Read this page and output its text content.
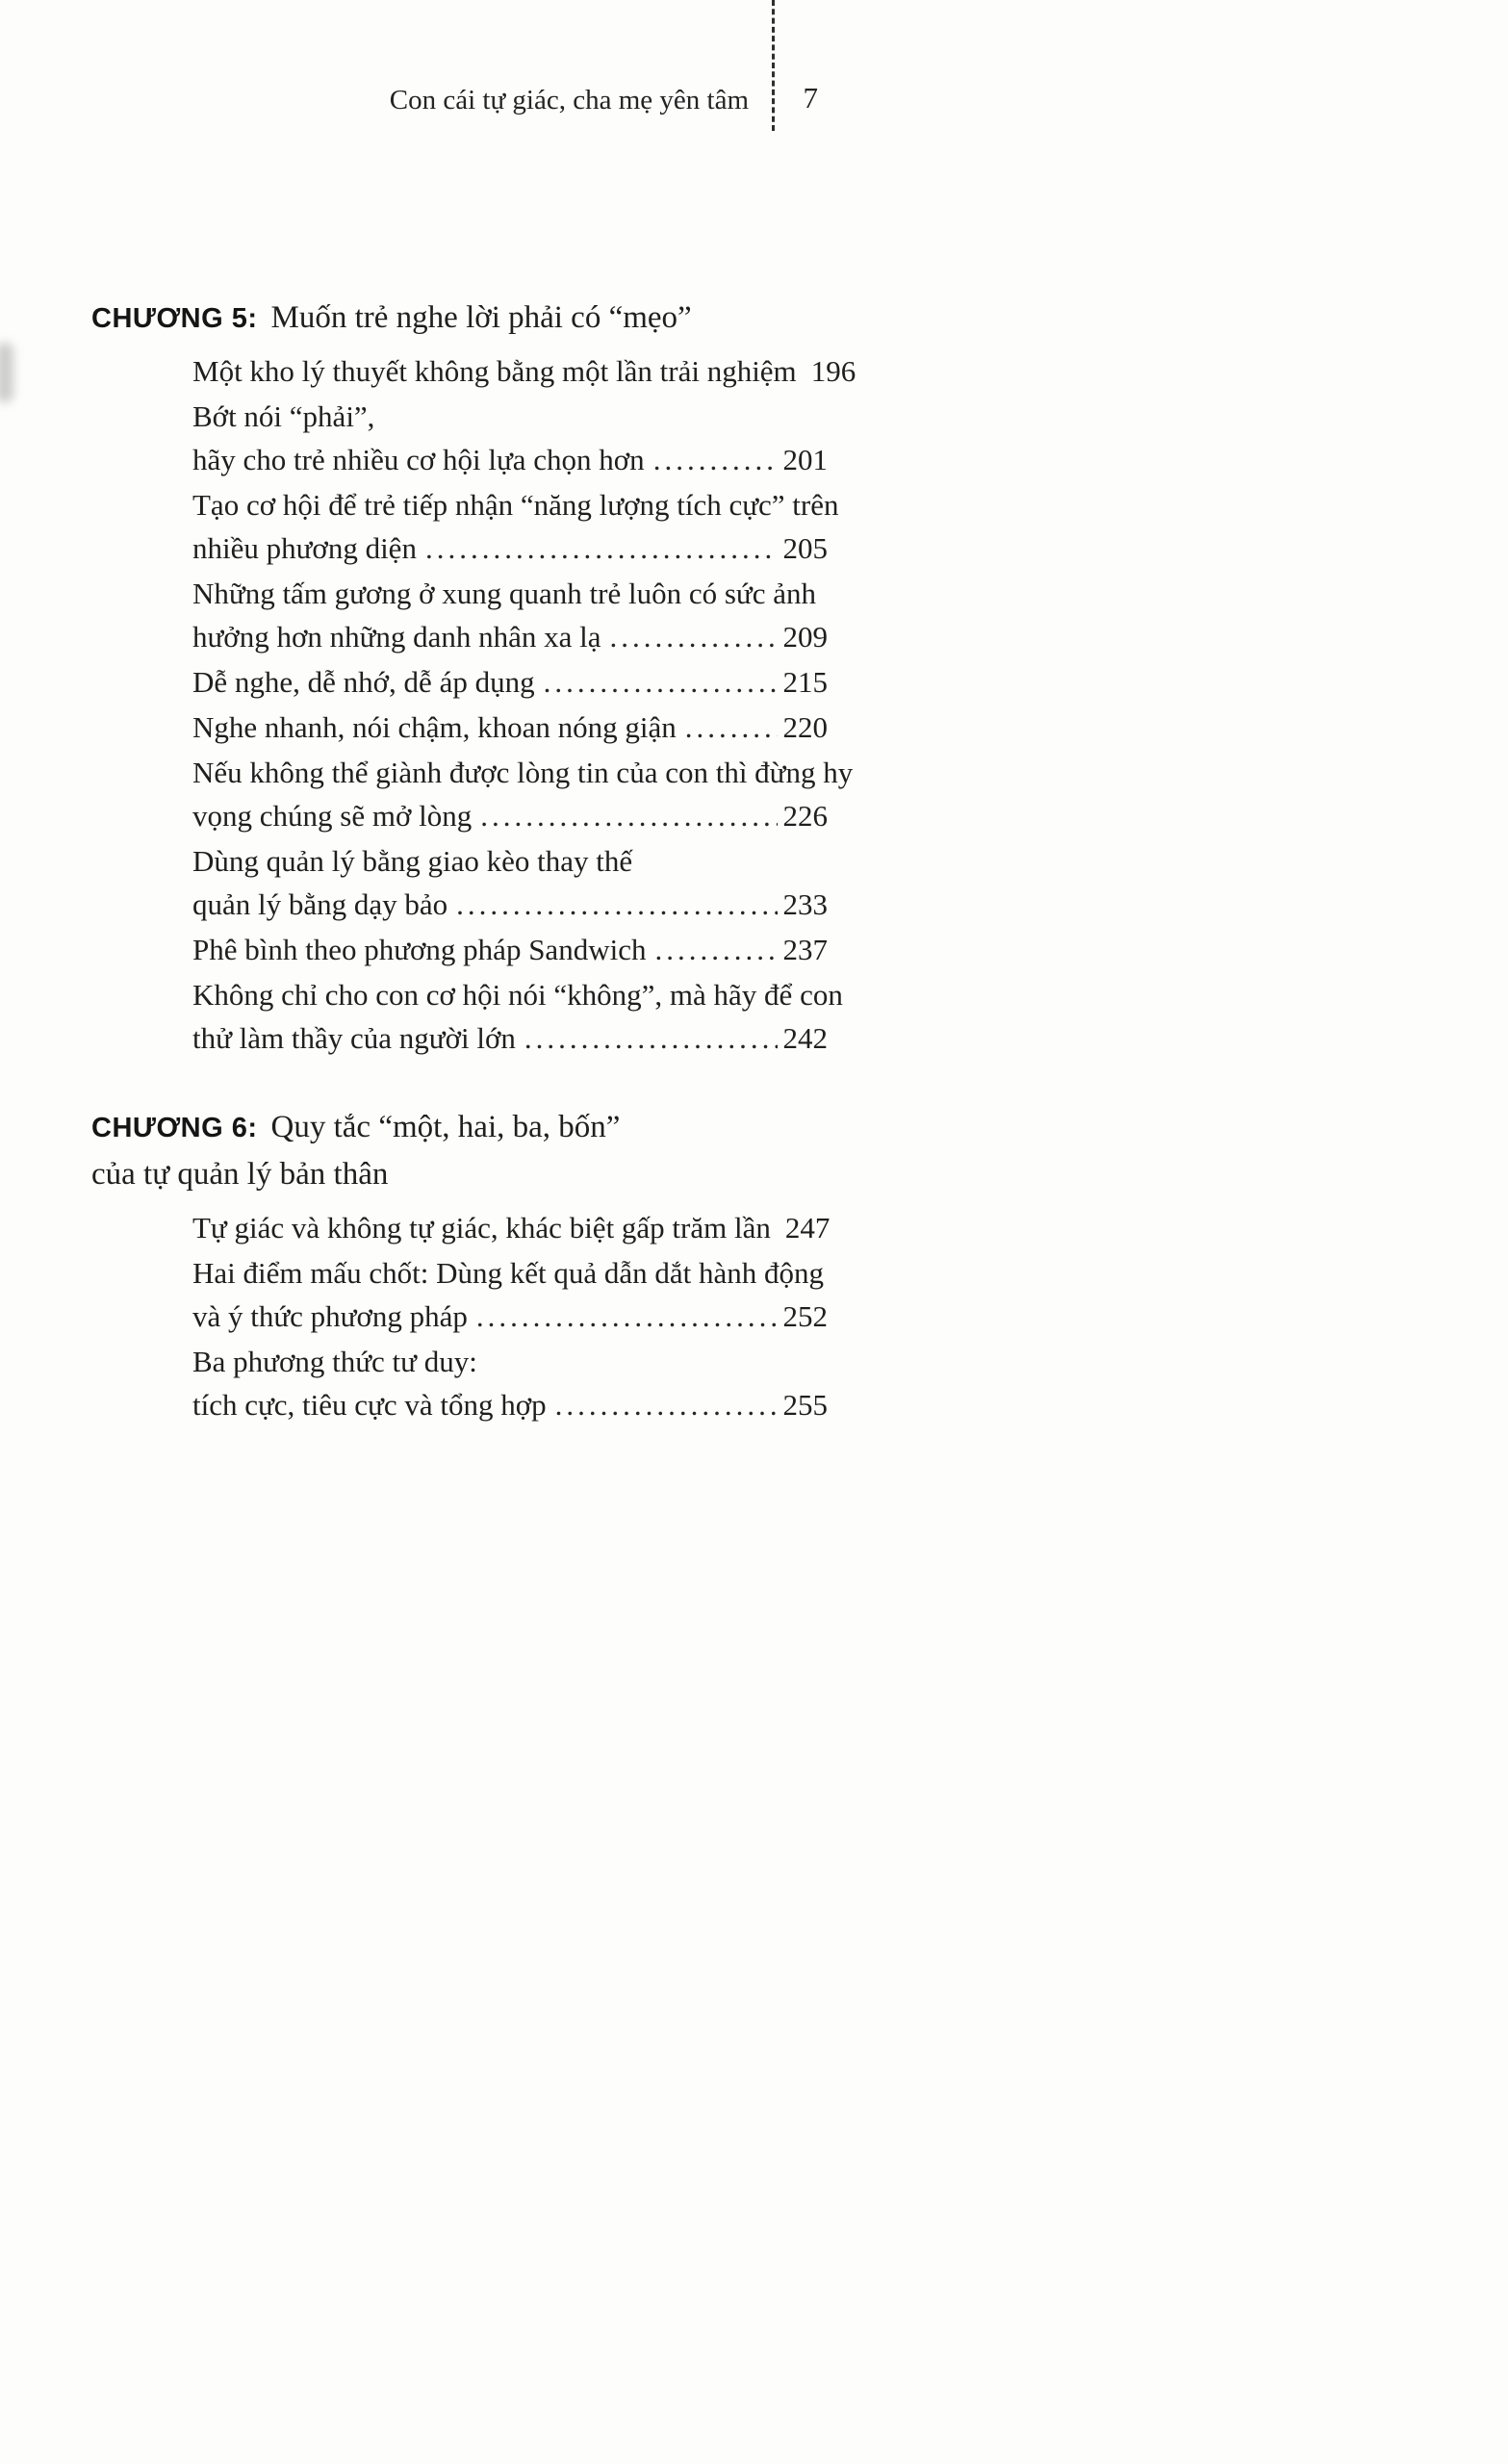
Con cái tự giác, cha mẹ yên tâm 7
CHƯƠNG 5: Muốn trẻ nghe lời phải có “mẹo”
Một kho lý thuyết không bằng một lần trải nghiệm 196
Bớt nói “phải”,
hãy cho trẻ nhiều cơ hội lựa chọn hơn .....	201
Tạo cơ hội để trẻ tiếp nhận “năng lượng tích cực” trên
nhiều phương diện .....	205
Những tấm gương ở xung quanh trẻ luôn có sức ảnh
hưởng hơn những danh nhân xa lạ .....	209
Dễ nghe, dễ nhớ, dễ áp dụng .....	215
Nghe nhanh, nói chậm, khoan nóng giận .....	220
Nếu không thể giành được lòng tin của con thì đừng hy
vọng chúng sẽ mở lòng .....	226
Dùng quản lý bằng giao kèo thay thế
quản lý bằng dạy bảo .....	233
Phê bình theo phương pháp Sandwich .....	237
Không chỉ cho con cơ hội nói “không”, mà hãy để con
thử làm thầy của người lớn .....	242
CHƯƠNG 6: Quy tắc “một, hai, ba, bốn”
của tự quản lý bản thân
Tự giác và không tự giác, khác biệt gấp trăm lần 247
Hai điểm mấu chốt: Dùng kết quả dẫn dắt hành động
và ý thức phương pháp .....	252
Ba phương thức tư duy:
tích cực, tiêu cực và tổng hợp .....	255
